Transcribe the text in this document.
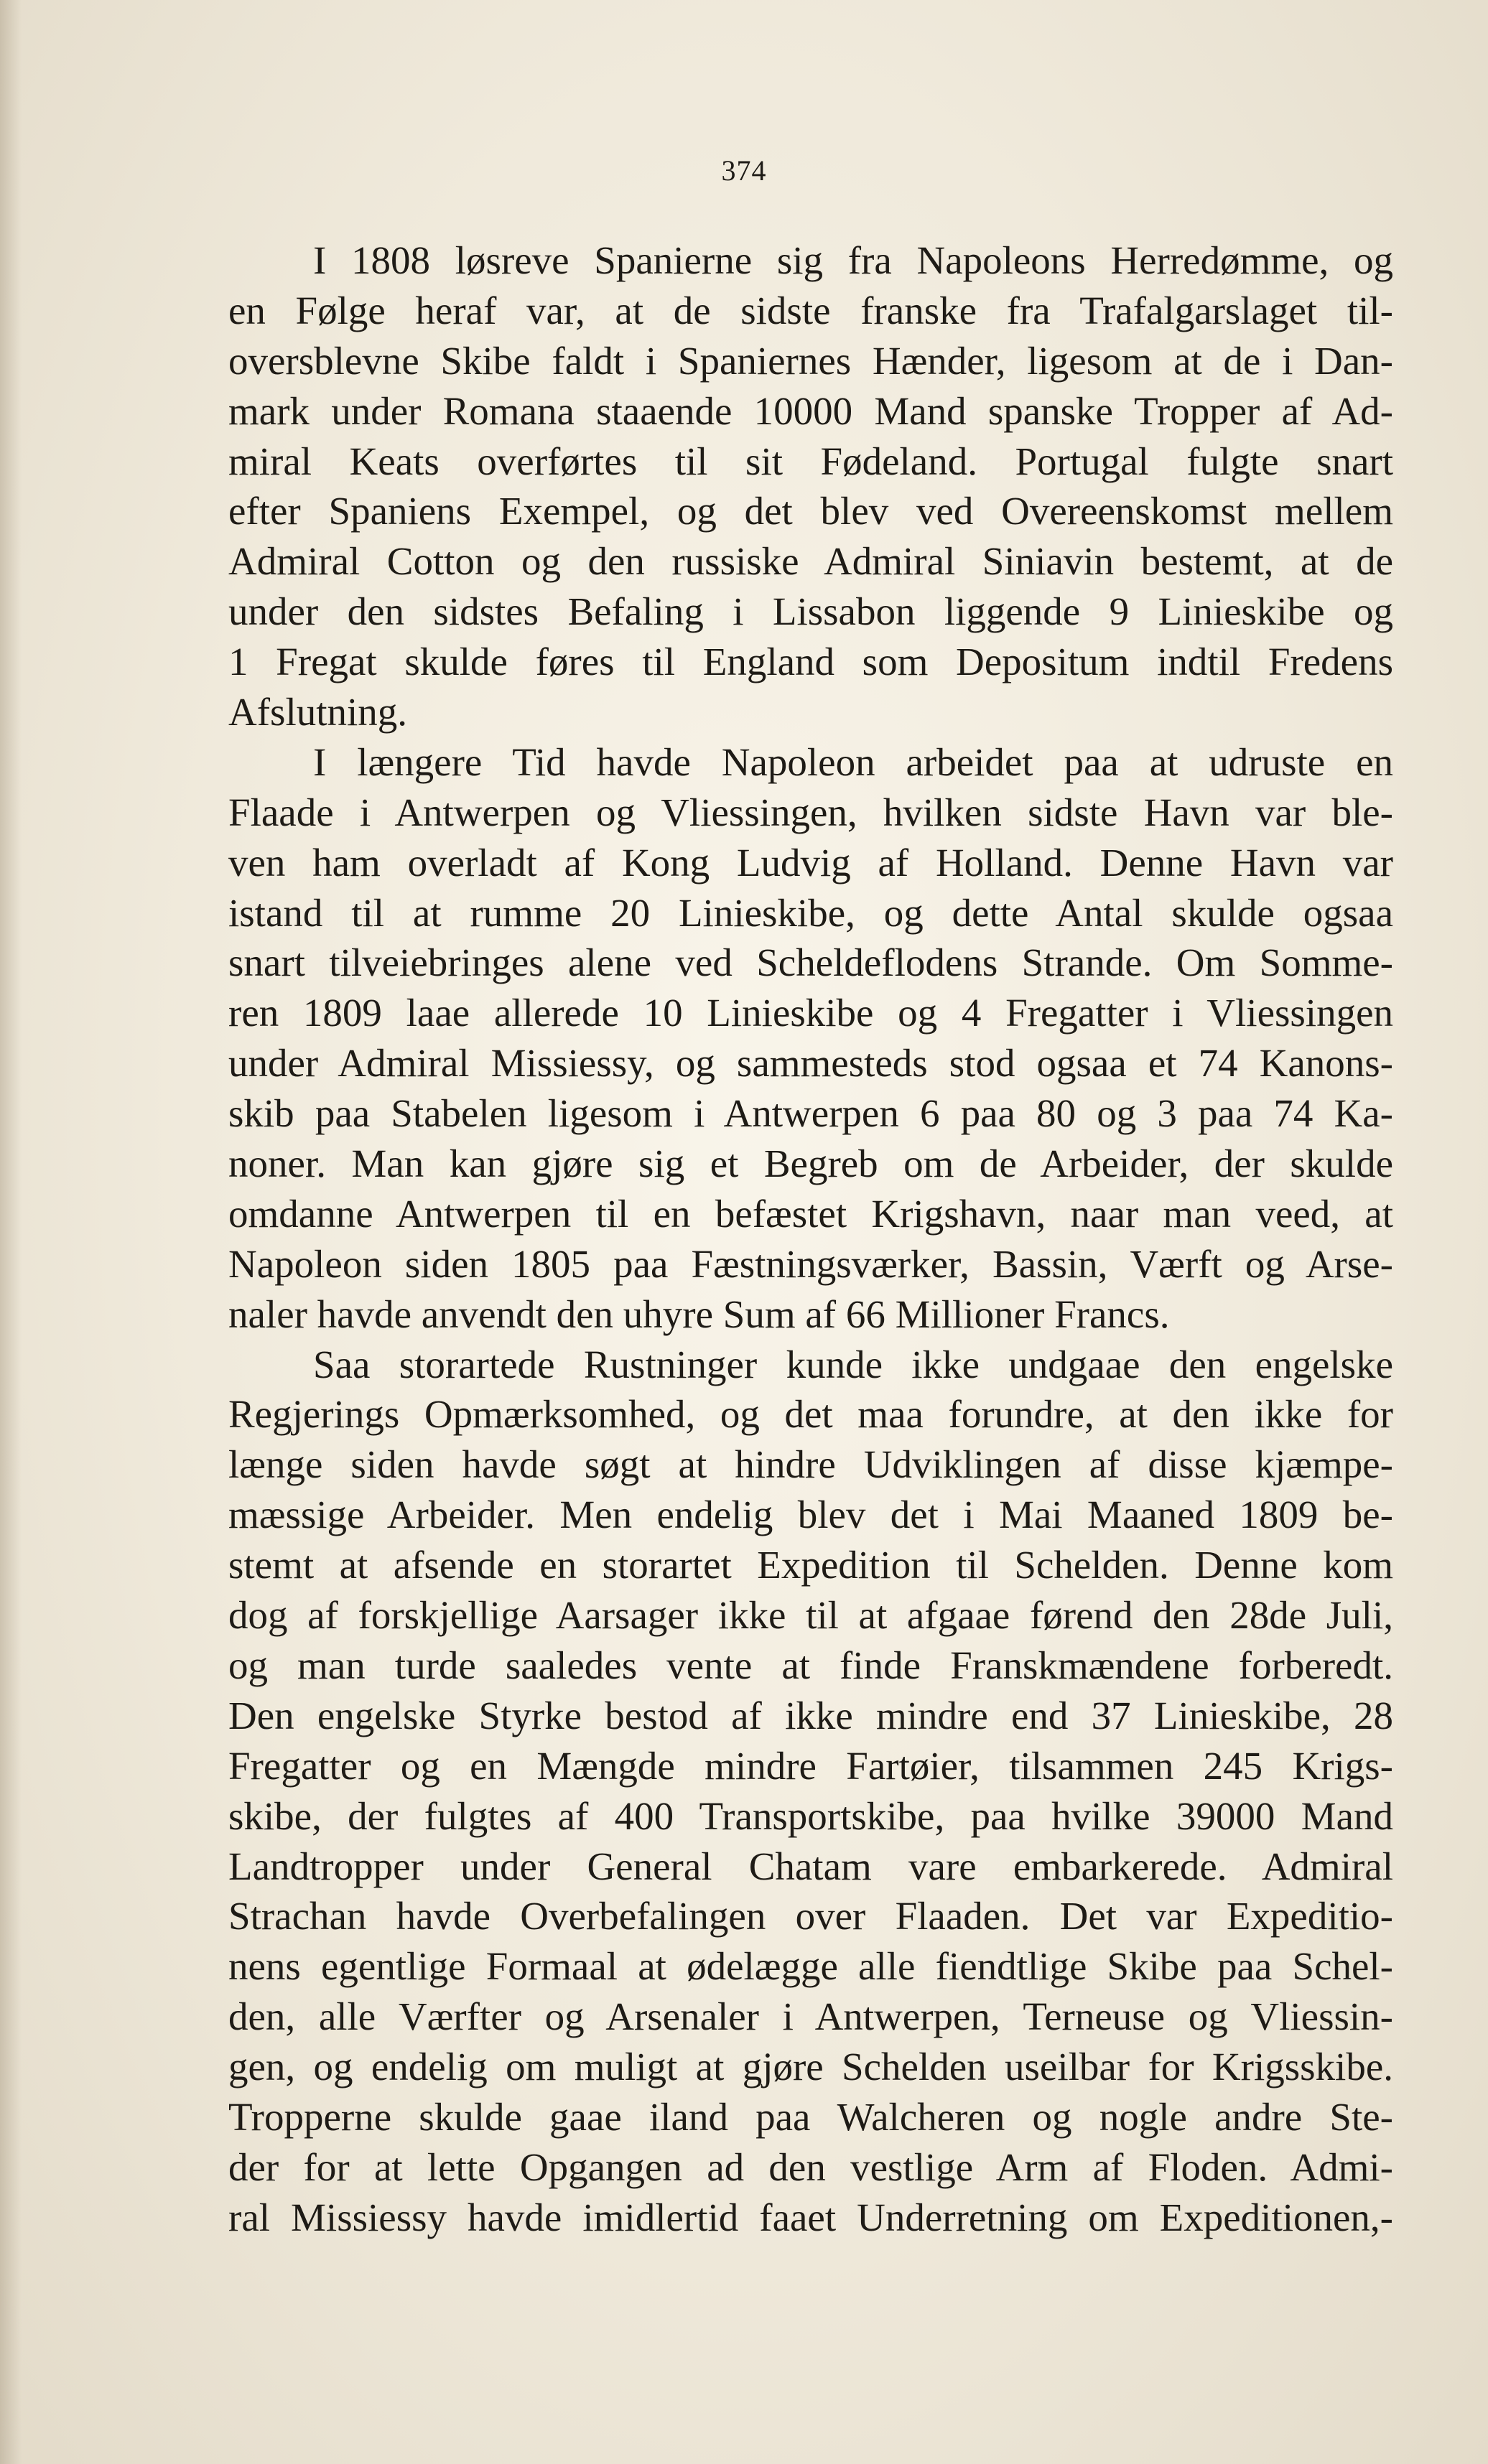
374
I 1808 løsreve Spanierne sig fra Napoleons Herredømme, og
en Følge heraf var, at de sidste franske fra Trafalgarslaget til-
oversblevne Skibe faldt i Spaniernes Hænder, ligesom at de i Dan-
mark under Romana staaende 10000 Mand spanske Tropper af Ad-
miral Keats overførtes til sit Fødeland. Portugal fulgte snart
efter Spaniens Exempel, og det blev ved Overeenskomst mellem
Admiral Cotton og den russiske Admiral Siniavin bestemt, at de
under den sidstes Befaling i Lissabon liggende 9 Linieskibe og
1 Fregat skulde føres til England som Depositum indtil Fredens
Afslutning.
I længere Tid havde Napoleon arbeidet paa at udruste en
Flaade i Antwerpen og Vliessingen, hvilken sidste Havn var ble-
ven ham overladt af Kong Ludvig af Holland. Denne Havn var
istand til at rumme 20 Linieskibe, og dette Antal skulde ogsaa
snart tilveiebringes alene ved Scheldeflodens Strande. Om Somme-
ren 1809 laae allerede 10 Linieskibe og 4 Fregatter i Vliessingen
under Admiral Missiessy, og sammesteds stod ogsaa et 74 Kanons-
skib paa Stabelen ligesom i Antwerpen 6 paa 80 og 3 paa 74 Ka-
noner. Man kan gjøre sig et Begreb om de Arbeider, der skulde
omdanne Antwerpen til en befæstet Krigshavn, naar man veed, at
Napoleon siden 1805 paa Fæstningsværker, Bassin, Værft og Arse-
naler havde anvendt den uhyre Sum af 66 Millioner Francs.
Saa storartede Rustninger kunde ikke undgaae den engelske
Regjerings Opmærksomhed, og det maa forundre, at den ikke for
længe siden havde søgt at hindre Udviklingen af disse kjæmpe-
mæssige Arbeider. Men endelig blev det i Mai Maaned 1809 be-
stemt at afsende en storartet Expedition til Schelden. Denne kom
dog af forskjellige Aarsager ikke til at afgaae førend den 28de Juli,
og man turde saaledes vente at finde Franskmændene forberedt.
Den engelske Styrke bestod af ikke mindre end 37 Linieskibe, 28
Fregatter og en Mængde mindre Fartøier, tilsammen 245 Krigs-
skibe, der fulgtes af 400 Transportskibe, paa hvilke 39000 Mand
Landtropper under General Chatam vare embarkerede. Admiral
Strachan havde Overbefalingen over Flaaden. Det var Expeditio-
nens egentlige Formaal at ødelægge alle fiendtlige Skibe paa Schel-
den, alle Værfter og Arsenaler i Antwerpen, Terneuse og Vliessin-
gen, og endelig om muligt at gjøre Schelden useilbar for Krigsskibe.
Tropperne skulde gaae iland paa Walcheren og nogle andre Ste-
der for at lette Opgangen ad den vestlige Arm af Floden. Admi-
ral Missiessy havde imidlertid faaet Underretning om Expeditionen,-
